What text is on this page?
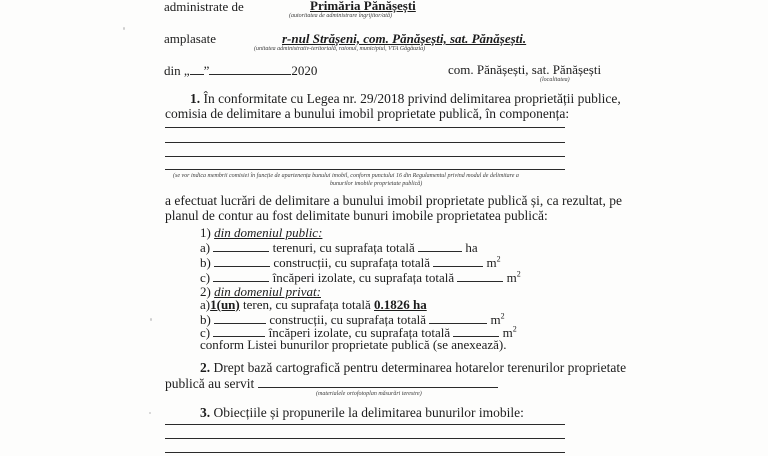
administrate de	Primăria Pănășești
(autoritatea de administrare îngrijitor/ată)
amplasate	r-nul Strășeni, com. Pănășești, sat. Pănășești.
(unitatea administrativ-teritorială, raionul, municipiul, VTA Găgăuzia)
din „ ”	2020	com. Pănășești, sat. Pănășești
(localitatea)
1. În conformitate cu Legea nr. 29/2018 privind delimitarea proprietății publice,
comisia de delimitare a bunului imobil proprietate publică, în componența:
(se vor indica membrii comisiei în funcție de apartenența bunului imobil, conform punctului 16 din Regulamentul privind modul de delimitare a
bunurilor imobile proprietate publică)
a efectuat lucrări de delimitare a bunului imobil proprietate publică și, ca rezultat, pe
planul de contur au fost delimitate bunuri imobile proprietatea publică:
1) din domeniul public:
a)	terenuri, cu suprafața totală	ha
b)	construcții, cu suprafața totală	$m^2$
c)	încăperi izolate, cu suprafața totală	$m^2$
2) din domeniul privat:
a)1(un) teren, cu suprafața totală 0.1826 ha
b)	construcții, cu suprafața totală	$m^2$
c)	încăperi izolate, cu suprafața totală	$m^2$
conform Listei bunurilor proprietate publică (se anexează).
2. Drept bază cartografică pentru determinarea hotarelor terenurilor proprietate
publică au servit
(materialele ortofotoplan măsurări terestre)
3. Obiecțiile și propunerile la delimitarea bunurilor imobile:
